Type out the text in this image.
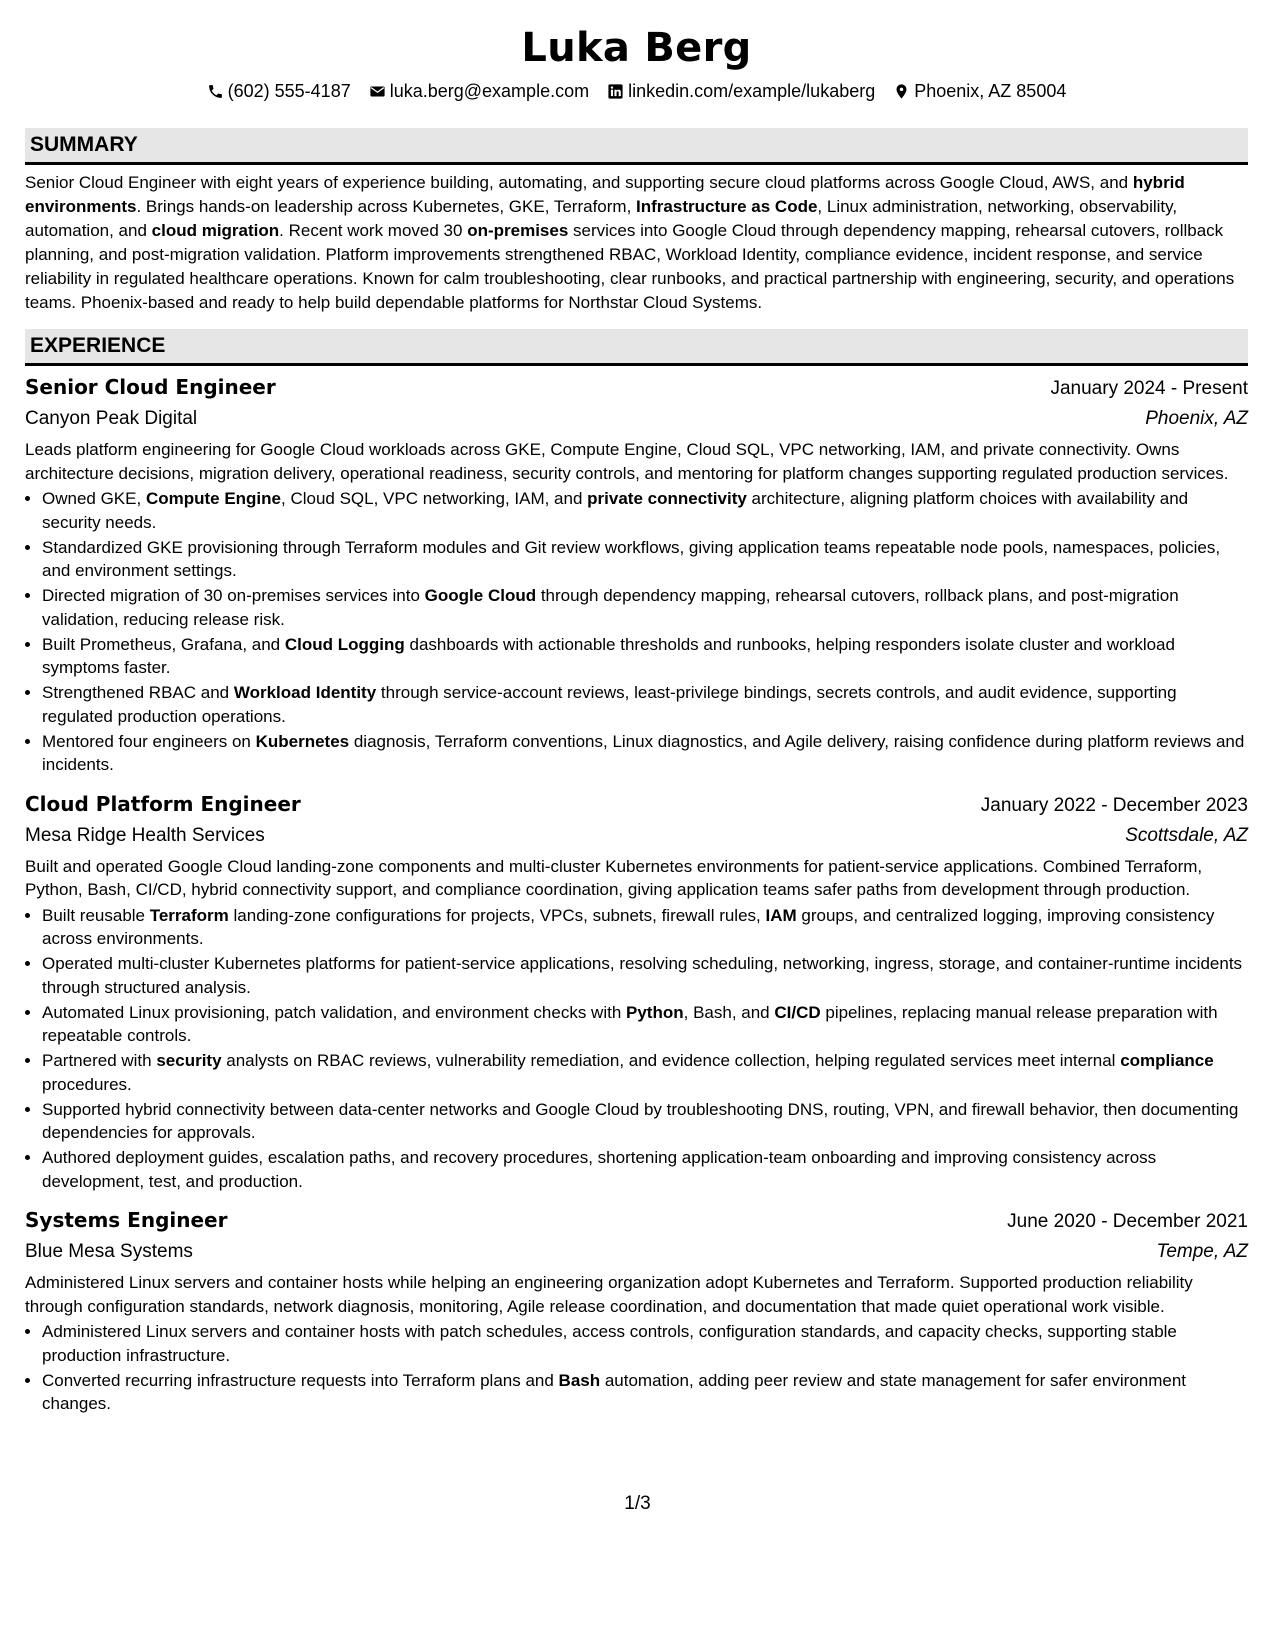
Luka Berg
(602) 555-4187 luka.berg@example.com linkedin.com/example/lukaberg Phoenix, AZ 85004
SUMMARY

Senior Cloud Engineer with eight years of experience building, automating, and supporting secure cloud platforms across Google Cloud, AWS, and hybrid environments. Brings hands-on leadership across Kubernetes, GKE, Terraform, Infrastructure as Code, Linux administration, networking, observability, automation, and cloud migration. Recent work moved 30 on-premises services into Google Cloud through dependency mapping, rehearsal cutovers, rollback planning, and post-migration validation. Platform improvements strengthened RBAC, Workload Identity, compliance evidence, incident response, and service reliability in regulated healthcare operations. Known for calm troubleshooting, clear runbooks, and practical partnership with engineering, security, and operations teams. Phoenix-based and ready to help build dependable platforms for Northstar Cloud Systems.

EXPERIENCE
Senior Cloud Engineer	January 2024 - Present
Canyon Peak Digital	Phoenix, AZ
Leads platform engineering for Google Cloud workloads across GKE, Compute Engine, Cloud SQL, VPC networking, IAM, and private connectivity. Owns architecture decisions, migration delivery, operational readiness, security controls, and mentoring for platform changes supporting regulated production services.
• Owned GKE, Compute Engine, Cloud SQL, VPC networking, IAM, and private connectivity architecture, aligning platform choices with availability and security needs.
• Standardized GKE provisioning through Terraform modules and Git review workflows, giving application teams repeatable node pools, namespaces, policies, and environment settings.
• Directed migration of 30 on-premises services into Google Cloud through dependency mapping, rehearsal cutovers, rollback plans, and post-migration validation, reducing release risk.
• Built Prometheus, Grafana, and Cloud Logging dashboards with actionable thresholds and runbooks, helping responders isolate cluster and workload symptoms faster.
• Strengthened RBAC and Workload Identity through service-account reviews, least-privilege bindings, secrets controls, and audit evidence, supporting regulated production operations.
• Mentored four engineers on Kubernetes diagnosis, Terraform conventions, Linux diagnostics, and Agile delivery, raising confidence during platform reviews and incidents.
Cloud Platform Engineer	January 2022 - December 2023
Mesa Ridge Health Services	Scottsdale, AZ
Built and operated Google Cloud landing-zone components and multi-cluster Kubernetes environments for patient-service applications. Combined Terraform, Python, Bash, CI/CD, hybrid connectivity support, and compliance coordination, giving application teams safer paths from development through production.
• Built reusable Terraform landing-zone configurations for projects, VPCs, subnets, firewall rules, IAM groups, and centralized logging, improving consistency across environments.
• Operated multi-cluster Kubernetes platforms for patient-service applications, resolving scheduling, networking, ingress, storage, and container-runtime incidents through structured analysis.
• Automated Linux provisioning, patch validation, and environment checks with Python, Bash, and CI/CD pipelines, replacing manual release preparation with repeatable controls.
• Partnered with security analysts on RBAC reviews, vulnerability remediation, and evidence collection, helping regulated services meet internal compliance procedures.
• Supported hybrid connectivity between data-center networks and Google Cloud by troubleshooting DNS, routing, VPN, and firewall behavior, then documenting dependencies for approvals.
• Authored deployment guides, escalation paths, and recovery procedures, shortening application-team onboarding and improving consistency across development, test, and production.
Systems Engineer	June 2020 - December 2021
Blue Mesa Systems	Tempe, AZ
Administered Linux servers and container hosts while helping an engineering organization adopt Kubernetes and Terraform. Supported production reliability through configuration standards, network diagnosis, monitoring, Agile release coordination, and documentation that made quiet operational work visible.
• Administered Linux servers and container hosts with patch schedules, access controls, configuration standards, and capacity checks, supporting stable production infrastructure.
• Converted recurring infrastructure requests into Terraform plans and Bash automation, adding peer review and state management for safer environment changes.
1/3
